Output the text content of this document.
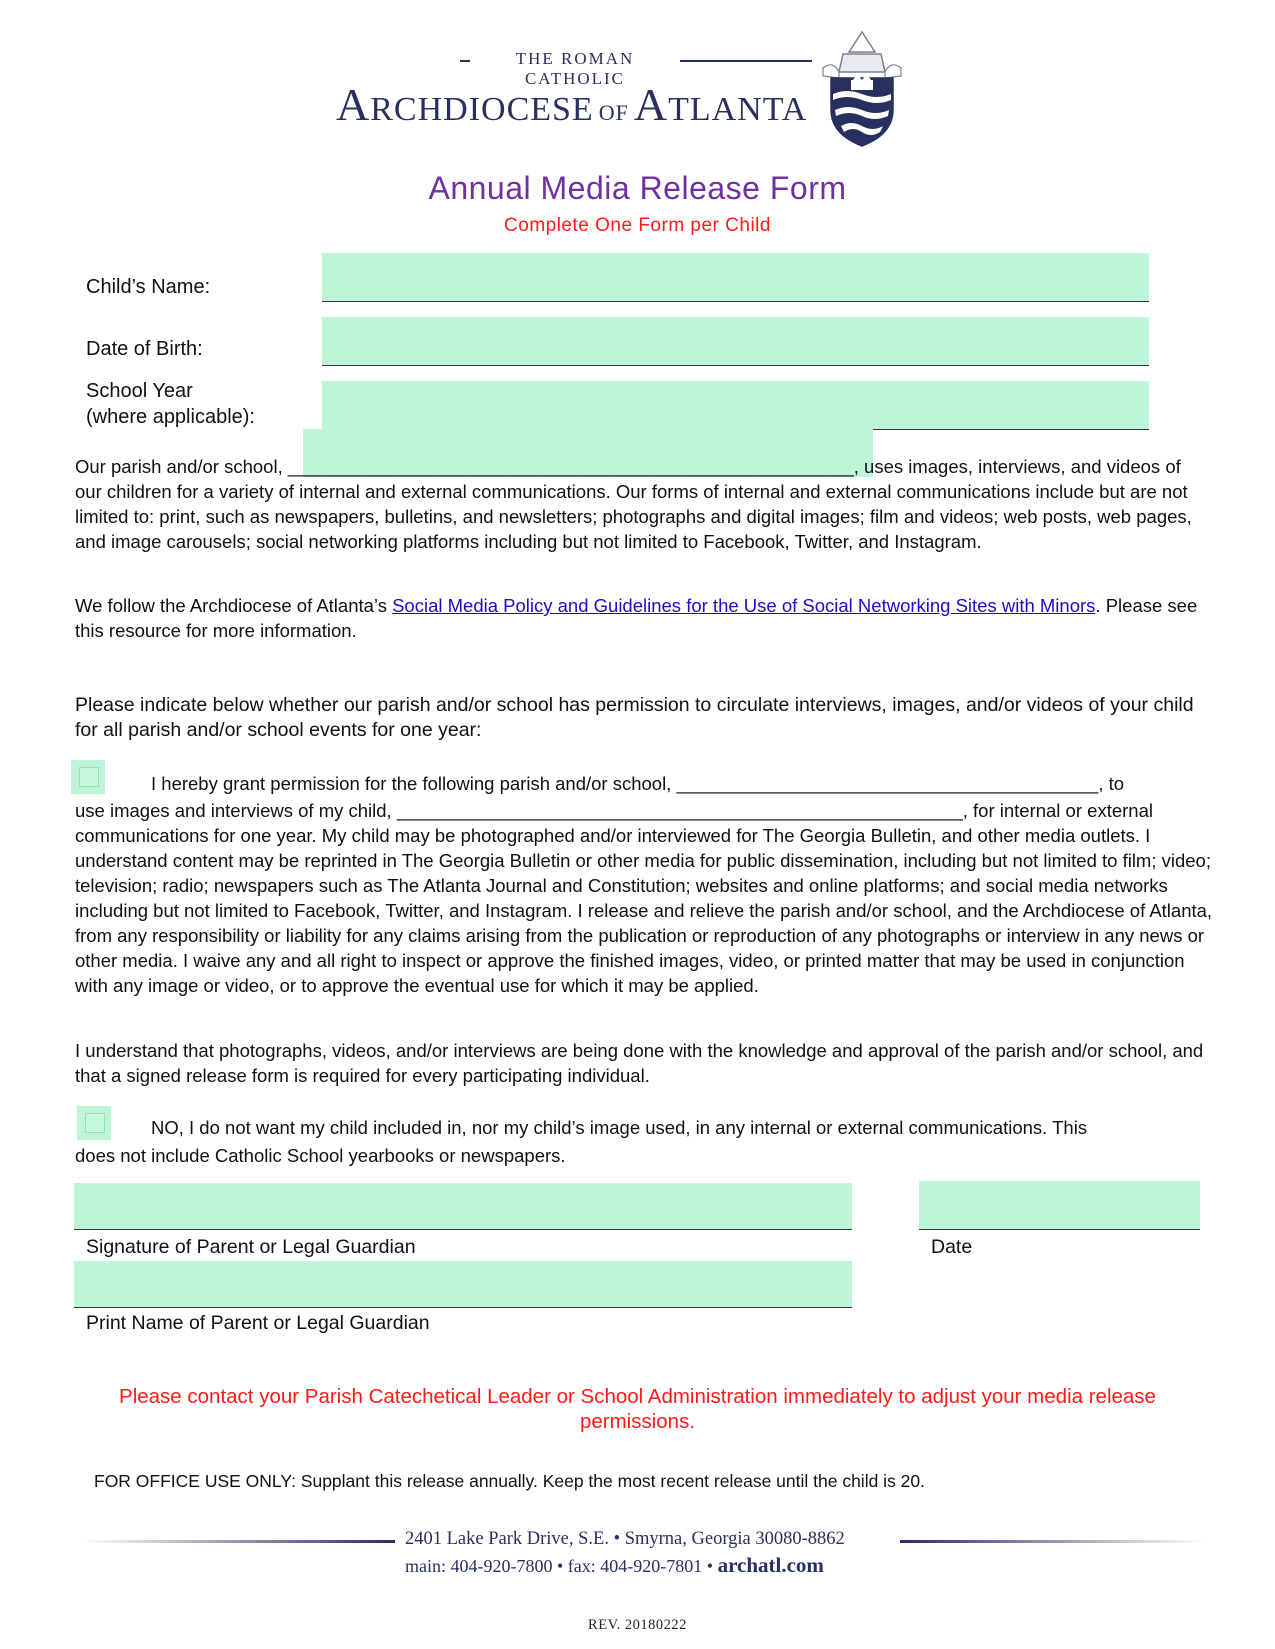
THE ROMAN CATHOLIC
ARCHDIOCESE OF ATLANTA
Annual Media Release Form
Complete One Form per Child
Child’s Name:
Date of Birth:
School Year
(where applicable):
Our parish and/or school, _______________________________________________________, uses images, interviews, and videos of our children for a variety of internal and external communications. Our forms of internal and external communications include but are not limited to: print, such as newspapers, bulletins, and newsletters; photographs and digital images; film and videos; web posts, web pages, and image carousels; social networking platforms including but not limited to Facebook, Twitter, and Instagram.
We follow the Archdiocese of Atlanta’s Social Media Policy and Guidelines for the Use of Social Networking Sites with Minors. Please see this resource for more information.
Please indicate below whether our parish and/or school has permission to circulate interviews, images, and/or videos of your child for all parish and/or school events for one year:
I hereby grant permission for the following parish and/or school, _________________________________________, to
use images and interviews of my child, _______________________________________________________, for internal or external
communications for one year. My child may be photographed and/or interviewed for The Georgia Bulletin, and other media outlets. I understand content may be reprinted in The Georgia Bulletin or other media for public dissemination, including but not limited to film; video; television; radio; newspapers such as The Atlanta Journal and Constitution; websites and online platforms; and social media networks including but not limited to Facebook, Twitter, and Instagram. I release and relieve the parish and/or school, and the Archdiocese of Atlanta, from any responsibility or liability for any claims arising from the publication or reproduction of any photographs or interview in any news or other media. I waive any and all right to inspect or approve the finished images, video, or printed matter that may be used in conjunction with any image or video, or to approve the eventual use for which it may be applied.
I understand that photographs, videos, and/or interviews are being done with the knowledge and approval of the parish and/or school, and that a signed release form is required for every participating individual.
NO, I do not want my child included in, nor my child’s image used, in any internal or external communications. This
does not include Catholic School yearbooks or newspapers.
Signature of Parent or Legal Guardian	Date
Print Name of Parent or Legal Guardian
Please contact your Parish Catechetical Leader or School Administration immediately to adjust your media release permissions.
FOR OFFICE USE ONLY: Supplant this release annually. Keep the most recent release until the child is 20.
2401 Lake Park Drive, S.E. • Smyrna, Georgia 30080-8862
main: 404-920-7800 • fax: 404-920-7801 • archatl.com
REV. 20180222
